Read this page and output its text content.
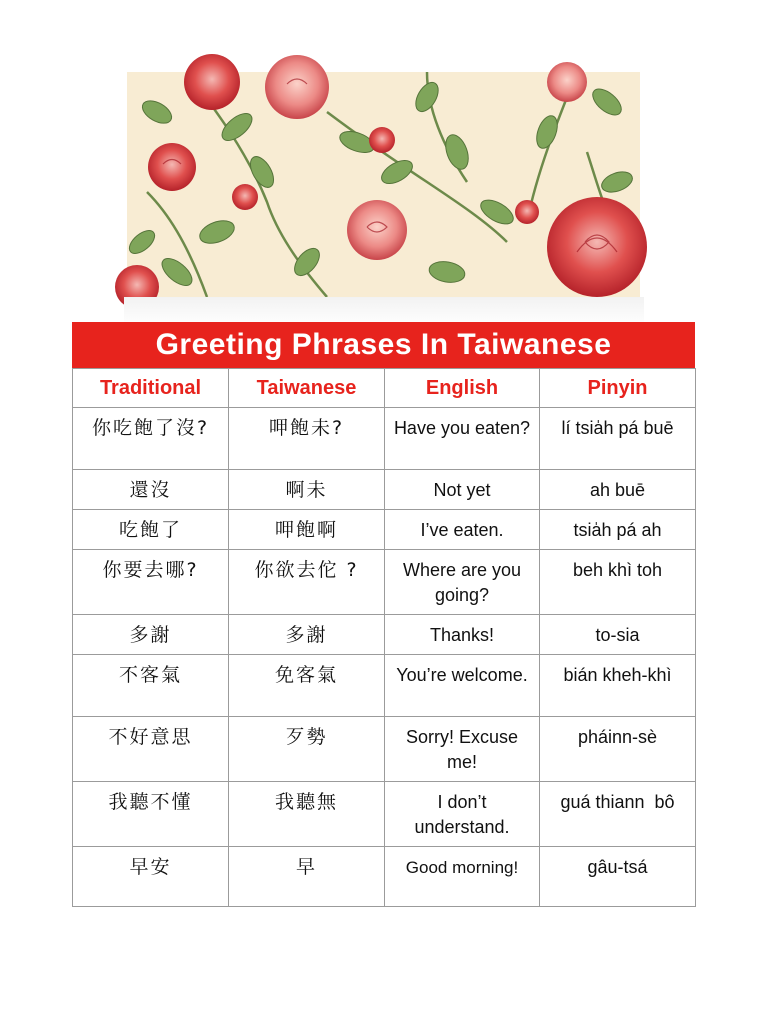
Greeting Phrases In Taiwanese
Traditional	Taiwanese	English	Pinyin
你吃飽了沒?	呷飽未?	Have you eaten?	lí tsia̍h pá buē
還沒	啊未	Not yet	ah buē
吃飽了	呷飽啊	I’ve eaten.	tsia̍h pá ah
你要去哪?	你欲去佗 ?	Where are you going?	beh khì toh
多謝	多謝	Thanks!	to-sia
不客氣	免客氣	You’re welcome.	bián kheh-khì
不好意思	歹勢	Sorry! Excuse me!	pháinn-sè
我聽不懂	我聽無	I don’t understand.	guá thiann  bô
早安	早	Good morning!	gâu-tsá
